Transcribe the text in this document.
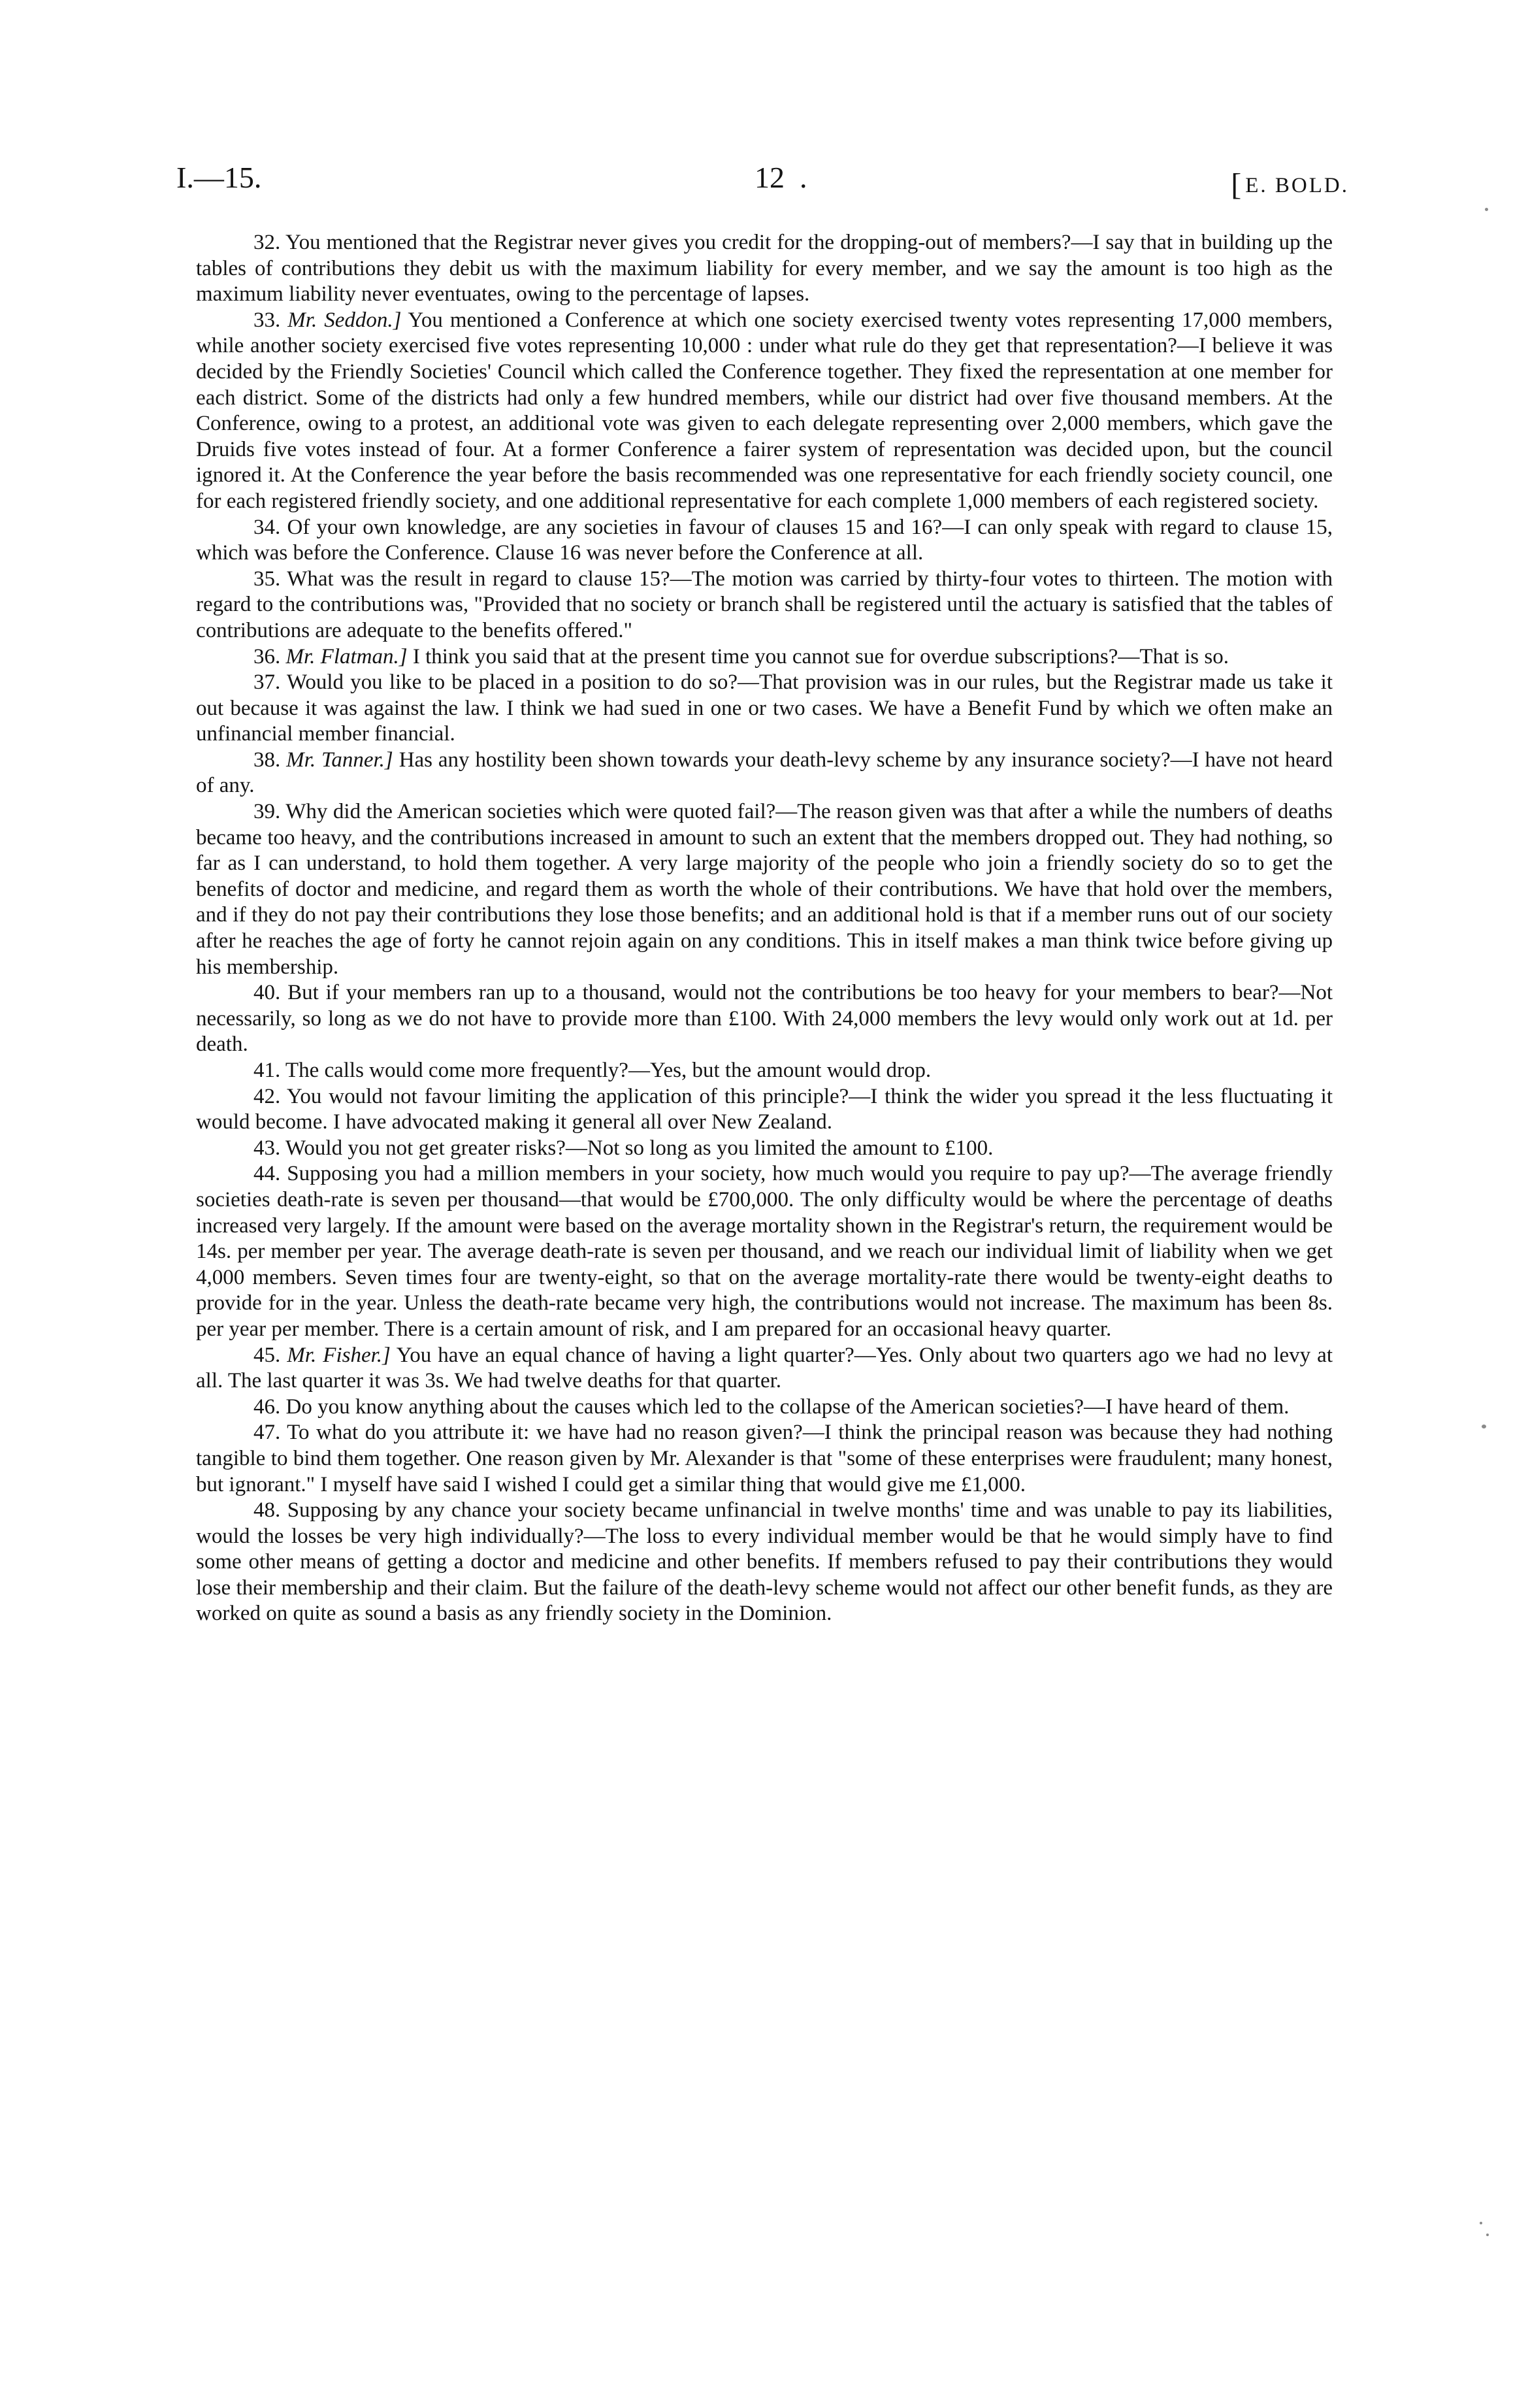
I.—15.	12 .	[ E. BOLD.

32. You mentioned that the Registrar never gives you credit for the dropping-out of members?—I say that in building up the tables of contributions they debit us with the maximum liability for every member, and we say the amount is too high as the maximum liability never eventuates, owing to the percentage of lapses.

33. Mr. Seddon.] You mentioned a Conference at which one society exercised twenty votes representing 17,000 members, while another society exercised five votes representing 10,000 : under what rule do they get that representation?—I believe it was decided by the Friendly Societies' Council which called the Conference together. They fixed the representation at one member for each district. Some of the districts had only a few hundred members, while our district had over five thousand members. At the Conference, owing to a protest, an additional vote was given to each delegate representing over 2,000 members, which gave the Druids five votes instead of four. At a former Conference a fairer system of representation was decided upon, but the council ignored it. At the Conference the year before the basis recommended was one representative for each friendly society council, one for each registered friendly society, and one additional representative for each complete 1,000 members of each registered society.

34. Of your own knowledge, are any societies in favour of clauses 15 and 16?—I can only speak with regard to clause 15, which was before the Conference. Clause 16 was never before the Conference at all.

35. What was the result in regard to clause 15?—The motion was carried by thirty-four votes to thirteen. The motion with regard to the contributions was, "Provided that no society or branch shall be registered until the actuary is satisfied that the tables of contributions are adequate to the benefits offered."

36. Mr. Flatman.] I think you said that at the present time you cannot sue for overdue subscriptions?—That is so.

37. Would you like to be placed in a position to do so?—That provision was in our rules, but the Registrar made us take it out because it was against the law. I think we had sued in one or two cases. We have a Benefit Fund by which we often make an unfinancial member financial.

38. Mr. Tanner.] Has any hostility been shown towards your death-levy scheme by any insurance society?—I have not heard of any.

39. Why did the American societies which were quoted fail?—The reason given was that after a while the numbers of deaths became too heavy, and the contributions increased in amount to such an extent that the members dropped out. They had nothing, so far as I can understand, to hold them together. A very large majority of the people who join a friendly society do so to get the benefits of doctor and medicine, and regard them as worth the whole of their contributions. We have that hold over the members, and if they do not pay their contributions they lose those benefits; and an additional hold is that if a member runs out of our society after he reaches the age of forty he cannot rejoin again on any conditions. This in itself makes a man think twice before giving up his membership.

40. But if your members ran up to a thousand, would not the contributions be too heavy for your members to bear?—Not necessarily, so long as we do not have to provide more than £100. With 24,000 members the levy would only work out at 1d. per death.

41. The calls would come more frequently?—Yes, but the amount would drop.

42. You would not favour limiting the application of this principle?—I think the wider you spread it the less fluctuating it would become. I have advocated making it general all over New Zealand.

43. Would you not get greater risks?—Not so long as you limited the amount to £100.

44. Supposing you had a million members in your society, how much would you require to pay up?—The average friendly societies death-rate is seven per thousand—that would be £700,000. The only difficulty would be where the percentage of deaths increased very largely. If the amount were based on the average mortality shown in the Registrar's return, the requirement would be 14s. per member per year. The average death-rate is seven per thousand, and we reach our individual limit of liability when we get 4,000 members. Seven times four are twenty-eight, so that on the average mortality-rate there would be twenty-eight deaths to provide for in the year. Unless the death-rate became very high, the contributions would not increase. The maximum has been 8s. per year per member. There is a certain amount of risk, and I am prepared for an occasional heavy quarter.

45. Mr. Fisher.] You have an equal chance of having a light quarter?—Yes. Only about two quarters ago we had no levy at all. The last quarter it was 3s. We had twelve deaths for that quarter.

46. Do you know anything about the causes which led to the collapse of the American societies?—I have heard of them.

47. To what do you attribute it: we have had no reason given?—I think the principal reason was because they had nothing tangible to bind them together. One reason given by Mr. Alexander is that "some of these enterprises were fraudulent; many honest, but ignorant." I myself have said I wished I could get a similar thing that would give me £1,000.

48. Supposing by any chance your society became unfinancial in twelve months' time and was unable to pay its liabilities, would the losses be very high individually?—The loss to every individual member would be that he would simply have to find some other means of getting a doctor and medicine and other benefits. If members refused to pay their contributions they would lose their membership and their claim. But the failure of the death-levy scheme would not affect our other benefit funds, as they are worked on quite as sound a basis as any friendly society in the Dominion.
